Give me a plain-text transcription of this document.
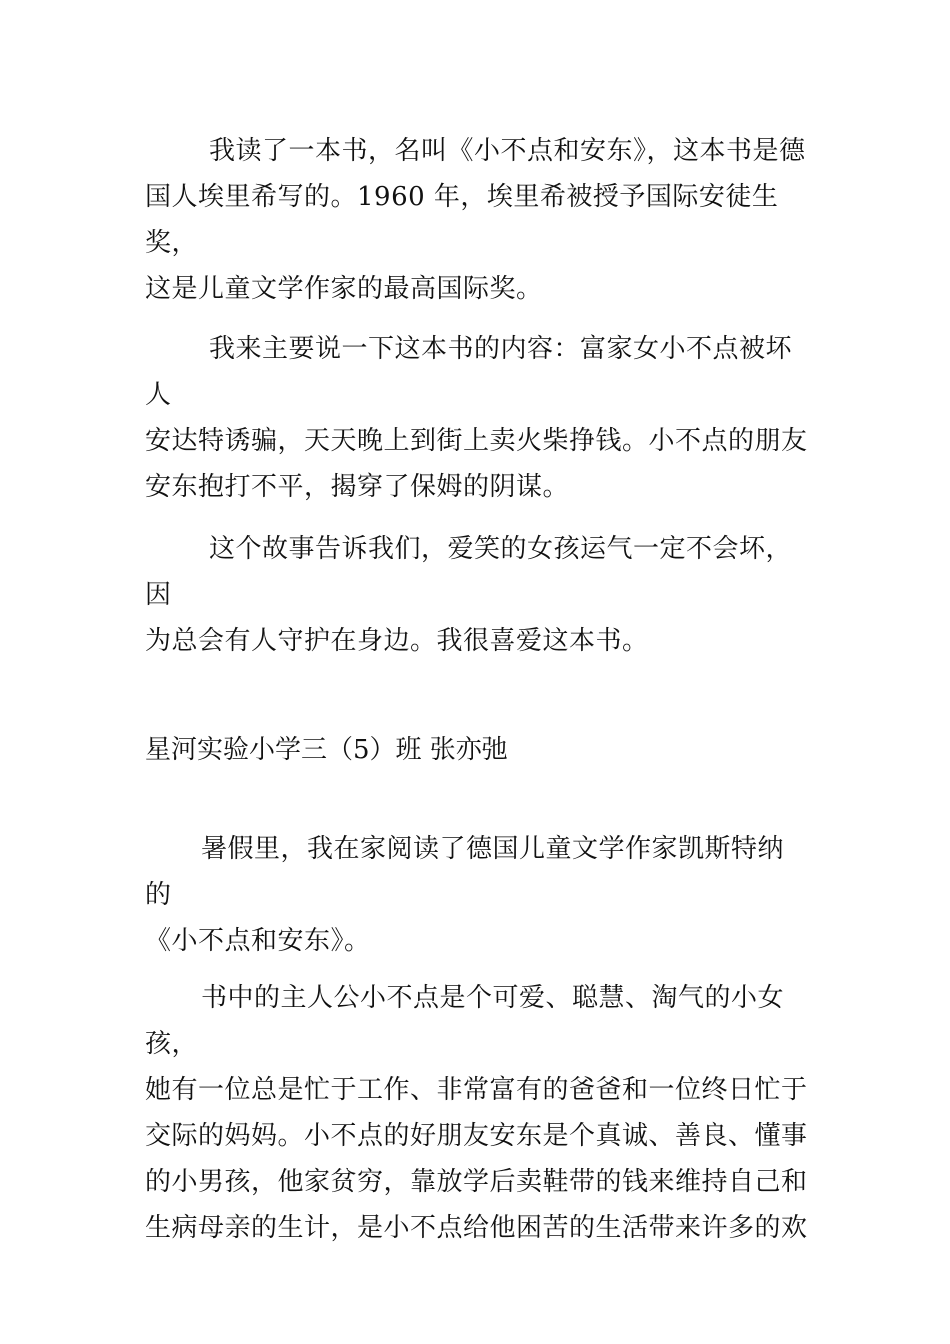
我读了一本书，名叫《小不点和安东》，这本书是德
国人埃里希写的。1960 年，埃里希被授予国际安徒生奖，
这是儿童文学作家的最高国际奖。

我来主要说一下这本书的内容：富家女小不点被坏人
安达特诱骗，天天晚上到街上卖火柴挣钱。小不点的朋友
安东抱打不平，揭穿了保姆的阴谋。

这个故事告诉我们，爱笑的女孩运气一定不会坏，因
为总会有人守护在身边。我很喜爱这本书。

星河实验小学三（5）班 张亦弛

暑假里，我在家阅读了德国儿童文学作家凯斯特纳的
《小不点和安东》。

书中的主人公小不点是个可爱、聪慧、淘气的小女孩，
她有一位总是忙于工作、非常富有的爸爸和一位终日忙于
交际的妈妈。小不点的好朋友安东是个真诚、善良、懂事
的小男孩，他家贫穷，靠放学后卖鞋带的钱来维持自己和
生病母亲的生计，是小不点给他困苦的生活带来许多的欢
